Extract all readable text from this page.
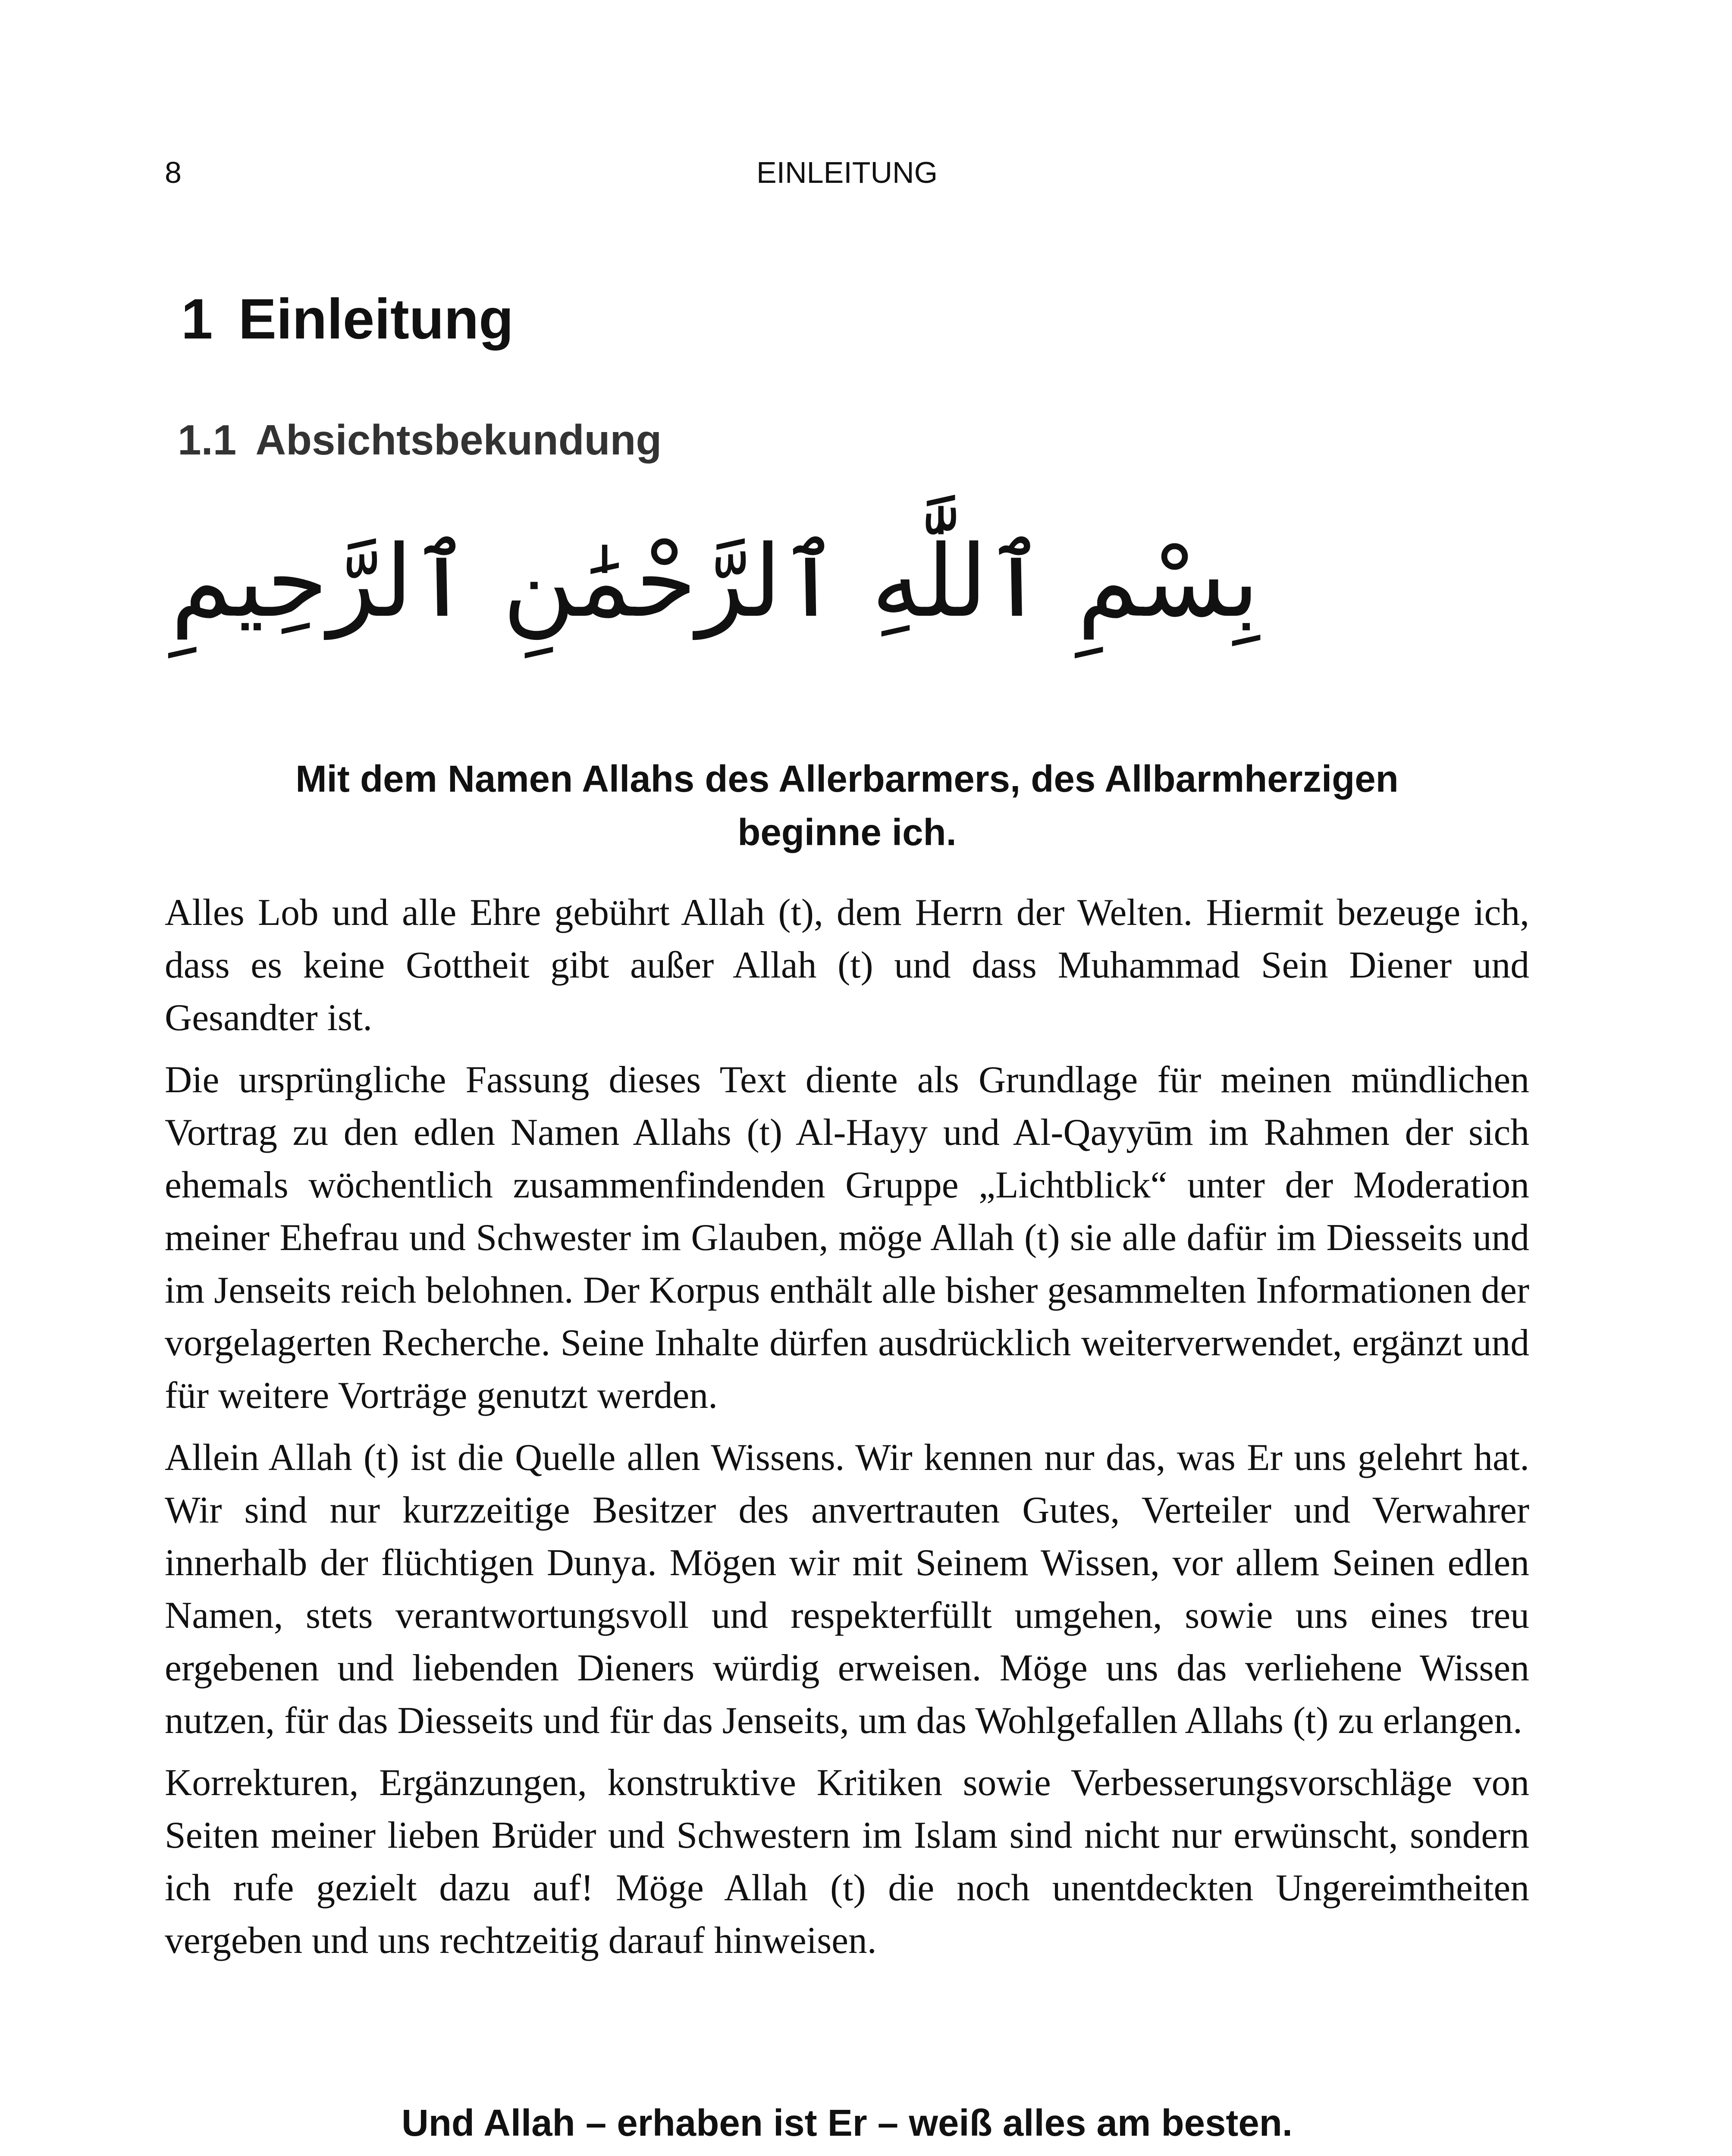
8	EINLEITUNG
1 Einleitung
1.1 Absichtsbekundung
بِسْمِ ٱللَّٰهِ ٱلرَّحْمَٰنِ ٱلرَّحِيمِ
Mit dem Namen Allahs des Allerbarmers, des Allbarmherzigen
beginne ich.

Alles Lob und alle Ehre gebührt Allah (t), dem Herrn der Welten. Hiermit bezeuge ich, dass es keine Gottheit gibt außer Allah (t) und dass Muhammad Sein Diener und Gesandter ist.

Die ursprüngliche Fassung dieses Text diente als Grundlage für meinen mündlichen Vortrag zu den edlen Namen Allahs (t) Al-Hayy und Al-Qayyūm im Rahmen der sich ehemals wöchentlich zusammenfindenden Gruppe „Lichtblick“ unter der Moderation meiner Ehefrau und Schwester im Glauben, möge Allah (t) sie alle dafür im Diesseits und im Jenseits reich belohnen. Der Korpus enthält alle bisher gesammelten Informationen der vorgelagerten Recherche. Seine Inhalte dürfen ausdrücklich weiterverwendet, ergänzt und für weitere Vorträge genutzt werden.

Allein Allah (t) ist die Quelle allen Wissens. Wir kennen nur das, was Er uns gelehrt hat. Wir sind nur kurzzeitige Besitzer des anvertrauten Gutes, Verteiler und Verwahrer innerhalb der flüchtigen Dunya. Mögen wir mit Seinem Wissen, vor allem Seinen edlen Namen, stets verantwortungsvoll und respekterfüllt umgehen, sowie uns eines treu ergebenen und liebenden Dieners würdig erweisen. Möge uns das verliehene Wissen nutzen, für das Diesseits und für das Jenseits, um das Wohlgefallen Allahs (t) zu erlangen.

Korrekturen, Ergänzungen, konstruktive Kritiken sowie Verbesserungsvorschläge von Seiten meiner lieben Brüder und Schwestern im Islam sind nicht nur erwünscht, sondern ich rufe gezielt dazu auf! Möge Allah (t) die noch unentdeckten Ungereimtheiten vergeben und uns rechtzeitig darauf hinweisen.

Und Allah – erhaben ist Er – weiß alles am besten.
